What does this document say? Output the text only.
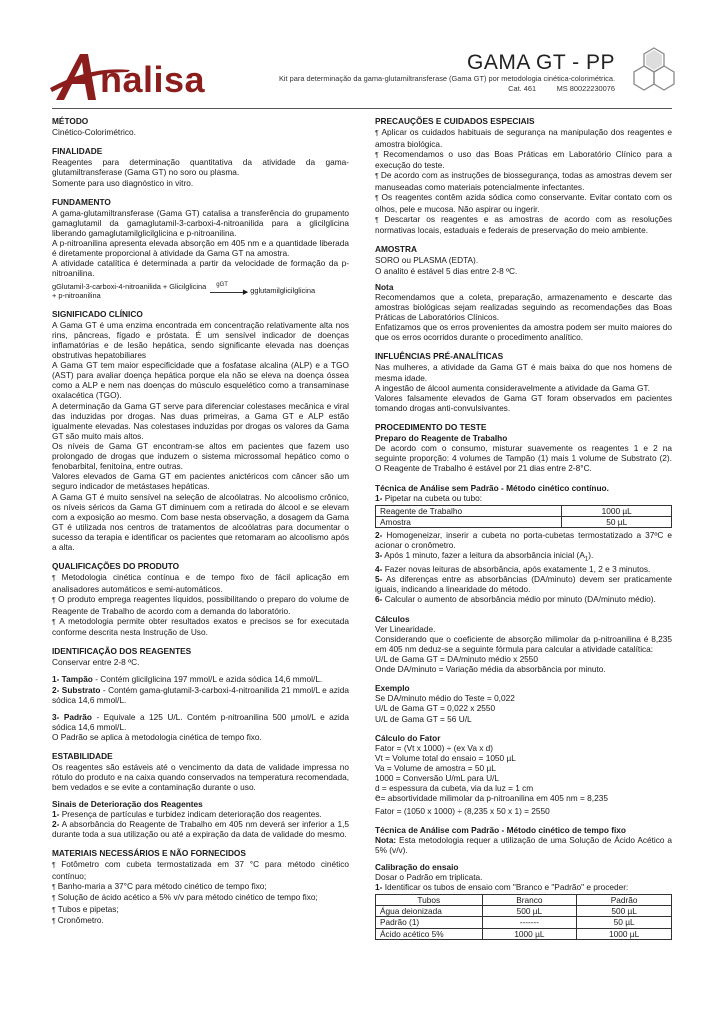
nalisa	GAMA GT - PP
Kit para determinação da gama-glutamiltransferase (Gama GT) por metodologia cinética-colorimétrica.
Cat. 461          MS 80022230076
MÉTODO

Cinético-Colorimétrico.

FINALIDADE

Reagentes para determinação quantitativa da atividade da gama-glutamiltransferase (Gama GT) no soro ou plasma.

Somente para uso diagnóstico in vitro.

FUNDAMENTO

A gama-glutamiltransferase (Gama GT) catalisa a transferência do grupamento gamaglutamil da gamaglutamil-3-carboxi-4-nitroanilida para a glicilglicina liberando gamaglutamilglicilglicina e p-nitroanilina.

A p-nitroanilina apresenta elevada absorção em 405 nm e a quantidade liberada é diretamente proporcional à atividade da Gama GT na amostra.

A atividade catalítica é determinada a partir da velocidade de formação da p-nitroanilina.

gGlutamil-3-carboxi-4-nitroanilida + Glicilglicina
+ p-nitroanilina
gGT
▶ gglutamilglicilglicina
SIGNIFICADO CLÍNICO

A Gama GT é uma enzima encontrada em concentração relativamente alta nos rins, pâncreas, fígado e próstata. É um sensível indicador de doenças inflamatórias e de lesão hepática, sendo significante elevada nas doenças obstrutivas hepatobiliares

A Gama GT tem maior especificidade que a fosfatase alcalina (ALP) e a TGO (AST) para avaliar doença hepática porque ela não se eleva na doença óssea como a ALP e nem nas doenças do músculo esquelético como a transaminase oxalacética (TGO).

A determinação da Gama GT serve para diferenciar colestases mecânica e viral das induzidas por drogas. Nas duas primeiras, a Gama GT e ALP estão igualmente elevadas. Nas colestases induzidas por drogas os valores da Gama GT são muito mais altos.

Os níveis de Gama GT encontram-se altos em pacientes que fazem uso prolongado de drogas que induzem o sistema microssomal hepático como o fenobarbital, fenitoína, entre outras.

Valores elevados de Gama GT em pacientes anictéricos com câncer são um seguro indicador de metástases hepáticas.

A Gama GT é muito sensível na seleção de alcoólatras. No alcoolismo crônico, os níveis séricos da Gama GT diminuem com a retirada do álcool e se elevam com a exposição ao mesmo. Com base nesta observação, a dosagem da Gama GT é utilizada nos centros de tratamentos de alcoólatras para documentar o sucesso da terapia e identificar os pacientes que retomaram ao alcoolismo após a alta.

QUALIFICAÇÕES DO PRODUTO

¶ Metodologia cinética contínua e de tempo fixo de fácil aplicação em analisadores automáticos e semi-automáticos.

¶ O produto emprega reagentes líquidos, possibilitando o preparo do volume de Reagente de Trabalho de acordo com a demanda do laboratório.

¶ A metodologia permite obter resultados exatos e precisos se for executada conforme descrita nesta Instrução de Uso.

IDENTIFICAÇÃO DOS REAGENTES

Conservar entre 2-8 ºC.

1- Tampão - Contém glicilglicina 197 mmol/L e azida sódica 14,6 mmol/L.

2- Substrato - Contém gama-glutamil-3-carboxi-4-nitroanilida 21 mmol/L e azida sódica 14,6 mmol/L.

3- Padrão - Equivale a 125 U/L. Contém p-nitroanilina 500 µmol/L e azida sódica 14,6 mmol/L.

O Padrão se aplica à metodologia cinética de tempo fixo.

ESTABILIDADE

Os reagentes são estáveis até o vencimento da data de validade impressa no rótulo do produto e na caixa quando conservados na temperatura recomendada, bem vedados e se evite a contaminação durante o uso.

Sinais de Deterioração dos Reagentes

1- Presença de partículas e turbidez indicam deterioração dos reagentes.

2- A absorbância do Reagente de Trabalho em 405 nm deverá ser inferior a 1,5 durante toda a sua utilização ou até a expiração da data de validade do mesmo.

MATERIAIS NECESSÁRIOS E NÃO FORNECIDOS

¶ Fotômetro com cubeta termostatizada em 37 °C para método cinético contínuo;

¶ Banho-maria a 37°C para método cinético de tempo fixo;

¶ Solução de ácido acético a 5% v/v para método cinético de tempo fixo;

¶ Tubos e pipetas;

¶ Cronômetro.

PRECAUÇÕES E CUIDADOS ESPECIAIS

¶ Aplicar os cuidados habituais de segurança na manipulação dos reagentes e amostra biológica.

¶ Recomendamos o uso das Boas Práticas em Laboratório Clínico para a execução do teste.

¶ De acordo com as instruções de biossegurança, todas as amostras devem ser manuseadas como materiais potencialmente infectantes.

¶ Os reagentes contêm azida sódica como conservante. Evitar contato com os olhos, pele e mucosa. Não aspirar ou ingerir.

¶ Descartar os reagentes e as amostras de acordo com as resoluções normativas locais, estaduais e federais de preservação do meio ambiente.

AMOSTRA

SORO ou PLASMA (EDTA).

O analito é estável 5 dias entre 2-8 ºC.

Nota

Recomendamos que a coleta, preparação, armazenamento e descarte das amostras biológicas sejam realizadas seguindo as recomendações das Boas Práticas de Laboratórios Clínicos.

Enfatizamos que os erros provenientes da amostra podem ser muito maiores do que os erros ocorridos durante o procedimento analítico.

INFLUÊNCIAS PRÉ-ANALÍTICAS

Nas mulheres, a atividade da Gama GT é mais baixa do que nos homens de mesma idade.

A ingestão de álcool aumenta consideravelmente a atividade da Gama GT.

Valores falsamente elevados de Gama GT foram observados em pacientes tomando drogas anti-convulsivantes.

PROCEDIMENTO DO TESTE
Preparo do Reagente de Trabalho

De acordo com o consumo, misturar suavemente os reagentes 1 e 2 na seguinte proporção: 4 volumes de Tampão (1) mais 1 volume de Substrato (2). O Reagente de Trabalho é estável por 21 dias entre 2-8°C.

Técnica de Análise sem Padrão - Método cinético contínuo.

1- Pipetar na cubeta ou tubo:

Reagente de Trabalho	1000 µL
Amostra	50 µL

2- Homogeneizar, inserir a cubeta no porta-cubetas termostatizado a 37ºC e acionar o cronômetro.

3- Após 1 minuto, fazer a leitura da absorbância inicial $(A_1)$.

4- Fazer novas leituras de absorbância, após exatamente 1, 2 e 3 minutos.

5- As diferenças entre as absorbâncias (DA/minuto) devem ser praticamente iguais, indicando a linearidade do método.

6- Calcular o aumento de absorbância médio por minuto (DA/minuto médio).

Cálculos

Ver Linearidade.

Considerando que o coeficiente de absorção milimolar da p-nitroanilina é 8,235 em 405 nm deduz-se a seguinte fórmula para calcular a atividade catalítica:

U/L de Gama GT = DA/minuto médio x 2550

Onde DA/minuto = Variação média da absorbância por minuto.

Exemplo

Se DA/minuto médio do Teste = 0,022

U/L de Gama GT = 0,022 x 2550

U/L de Gama GT = 56 U/L

Cálculo do Fator

Fator = (Vt x 1000) ÷ (ex Va x d)

Vt = Volume total do ensaio = 1050 µL

Va = Volume de amostra = 50 µL

1000 = Conversão U/mL para U/L

d = espessura da cubeta, via da luz = 1 cm

e= absortividade milimolar da p-nitroanilina em 405 nm = 8,235

Fator = (1050 x 1000) ÷ (8,235 x 50 x 1) = 2550

Técnica de Análise com Padrão - Método cinético de tempo fixo

Nota: Esta metodologia requer a utilização de uma Solução de Ácido Acético a 5% (v/v).

Calibração do ensaio

Dosar o Padrão em triplicata.

1- Identificar os tubos de ensaio com "Branco e "Padrão" e proceder:

Tubos	Branco	Padrão
Água deionizada	500 µL	500 µL
Padrão (1)	-------	50 µL
Ácido acético 5%	1000 µL	1000 µL
